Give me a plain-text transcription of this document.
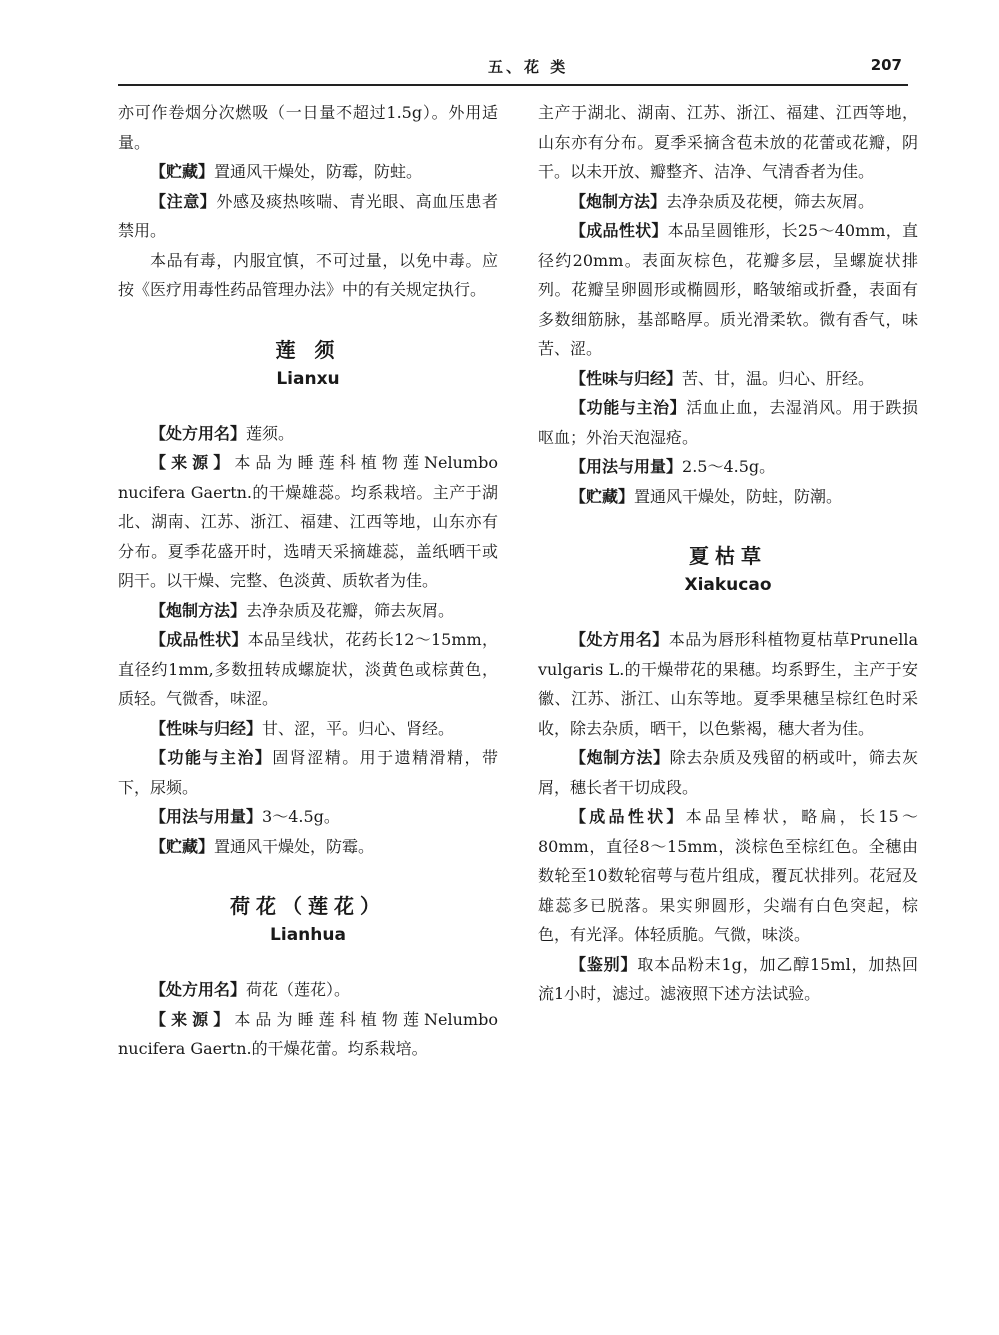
五、花 类	207

亦可作卷烟分次燃吸（一日量不超过1.5g）。外用适量。

【贮藏】置通风干燥处，防霉，防蛀。

【注意】外感及痰热咳喘、青光眼、高血压患者禁用。

本品有毒，内服宜慎，不可过量，以免中毒。应按《医疗用毒性药品管理办法》中的有关规定执行。

莲 须
Lianxu

【处方用名】莲须。

【来源】本品为睡莲科植物莲Nelumbo nucifera Gaertn.的干燥雄蕊。均系栽培。主产于湖北、湖南、江苏、浙江、福建、江西等地，山东亦有分布。夏季花盛开时，选晴天采摘雄蕊，盖纸晒干或阴干。以干燥、完整、色淡黄、质软者为佳。

【炮制方法】去净杂质及花瓣，筛去灰屑。

【成品性状】本品呈线状，花药长12～15mm，直径约1mm,多数扭转成螺旋状，淡黄色或棕黄色，质轻。气微香，味涩。

【性味与归经】甘、涩，平。归心、肾经。

【功能与主治】固肾涩精。用于遗精滑精，带下，尿频。

【用法与用量】3～4.5g。

【贮藏】置通风干燥处，防霉。

荷花（莲花）
Lianhua

【处方用名】荷花（莲花）。

【来源】本品为睡莲科植物莲Nelumbo nucifera Gaertn.的干燥花蕾。均系栽培。

主产于湖北、湖南、江苏、浙江、福建、江西等地，山东亦有分布。夏季采摘含苞未放的花蕾或花瓣，阴干。以未开放、瓣整齐、洁净、气清香者为佳。

【炮制方法】去净杂质及花梗，筛去灰屑。

【成品性状】本品呈圆锥形，长25～40mm，直径约20mm。表面灰棕色，花瓣多层，呈螺旋状排列。花瓣呈卵圆形或椭圆形，略皱缩或折叠，表面有多数细筋脉，基部略厚。质光滑柔软。微有香气，味苦、涩。

【性味与归经】苦、甘，温。归心、肝经。

【功能与主治】活血止血，去湿消风。用于跌损呕血；外治天泡湿疮。

【用法与用量】2.5～4.5g。

【贮藏】置通风干燥处，防蛀，防潮。

夏枯草
Xiakucao

【处方用名】本品为唇形科植物夏枯草Prunella vulgaris L.的干燥带花的果穗。均系野生，主产于安徽、江苏、浙江、山东等地。夏季果穗呈棕红色时采收，除去杂质，晒干，以色紫褐，穗大者为佳。

【炮制方法】除去杂质及残留的柄或叶，筛去灰屑，穗长者干切成段。

【成品性状】本品呈棒状，略扁，长15～80mm，直径8～15mm，淡棕色至棕红色。全穗由数轮至10数轮宿萼与苞片组成，覆瓦状排列。花冠及雄蕊多已脱落。果实卵圆形，尖端有白色突起，棕色，有光泽。体轻质脆。气微，味淡。

【鉴别】取本品粉末1g，加乙醇15ml，加热回流1小时，滤过。滤液照下述方法试验。
